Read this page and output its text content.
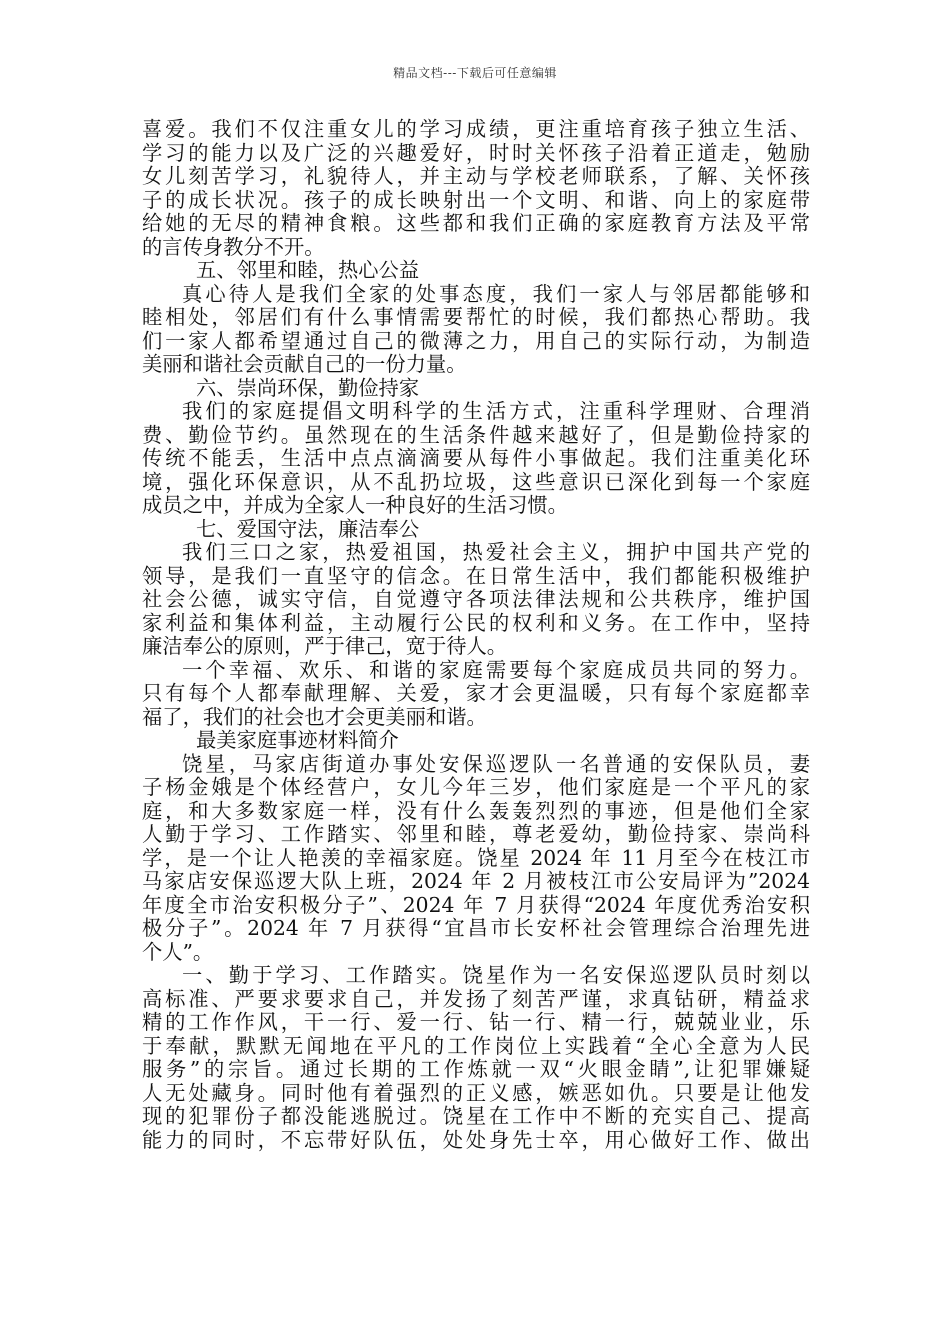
精品文档---下载后可任意编辑
喜爱。我们不仅注重女儿的学习成绩，更注重培育孩子独立生活、
学习的能力以及广泛的兴趣爱好，时时关怀孩子沿着正道走，勉励
女儿刻苦学习，礼貌待人，并主动与学校老师联系，了解、关怀孩
子的成长状况。孩子的成长映射出一个文明、和谐、向上的家庭带
给她的无尽的精神食粮。这些都和我们正确的家庭教育方法及平常
的言传身教分不开。
五、邻里和睦，热心公益
真心待人是我们全家的处事态度，我们一家人与邻居都能够和
睦相处，邻居们有什么事情需要帮忙的时候，我们都热心帮助。我
们一家人都希望通过自己的微薄之力，用自己的实际行动，为制造
美丽和谐社会贡献自己的一份力量。
六、崇尚环保，勤俭持家
我们的家庭提倡文明科学的生活方式，注重科学理财、合理消
费、勤俭节约。虽然现在的生活条件越来越好了，但是勤俭持家的
传统不能丢，生活中点点滴滴要从每件小事做起。我们注重美化环
境，强化环保意识，从不乱扔垃圾，这些意识已深化到每一个家庭
成员之中，并成为全家人一种良好的生活习惯。
七、爱国守法，廉洁奉公
我们三口之家，热爱祖国，热爱社会主义，拥护中国共产党的
领导，是我们一直坚守的信念。在日常生活中，我们都能积极维护
社会公德，诚实守信，自觉遵守各项法律法规和公共秩序，维护国
家利益和集体利益，主动履行公民的权利和义务。在工作中，坚持
廉洁奉公的原则，严于律己，宽于待人。
一个幸福、欢乐、和谐的家庭需要每个家庭成员共同的努力。
只有每个人都奉献理解、关爱，家才会更温暖，只有每个家庭都幸
福了，我们的社会也才会更美丽和谐。
最美家庭事迹材料简介
饶星，马家店街道办事处安保巡逻队一名普通的安保队员，妻
子杨金娥是个体经营户，女儿今年三岁，他们家庭是一个平凡的家
庭，和大多数家庭一样，没有什么轰轰烈烈的事迹，但是他们全家
人勤于学习、工作踏实、邻里和睦，尊老爱幼，勤俭持家、崇尚科
学，是一个让人艳羡的幸福家庭。饶星 2024 年 11 月至今在枝江市
马家店安保巡逻大队上班，2024 年 2 月被枝江市公安局评为”2024
年度全市治安积极分子”、2024 年 7 月获得“2024 年度优秀治安积
极分子”。2024 年 7 月获得“宜昌市长安杯社会管理综合治理先进
个人”。
一、勤于学习、工作踏实。饶星作为一名安保巡逻队员时刻以
高标准、严要求要求自己，并发扬了刻苦严谨，求真钻研，精益求
精的工作作风，干一行、爱一行、钻一行、精一行，兢兢业业，乐
于奉献，默默无闻地在平凡的工作岗位上实践着“全心全意为人民
服务”的宗旨。通过长期的工作炼就一双“火眼金睛”,让犯罪嫌疑
人无处藏身。同时他有着强烈的正义感，嫉恶如仇。只要是让他发
现的犯罪份子都没能逃脱过。饶星在工作中不断的充实自己、提高
能力的同时，不忘带好队伍，处处身先士卒，用心做好工作、做出
